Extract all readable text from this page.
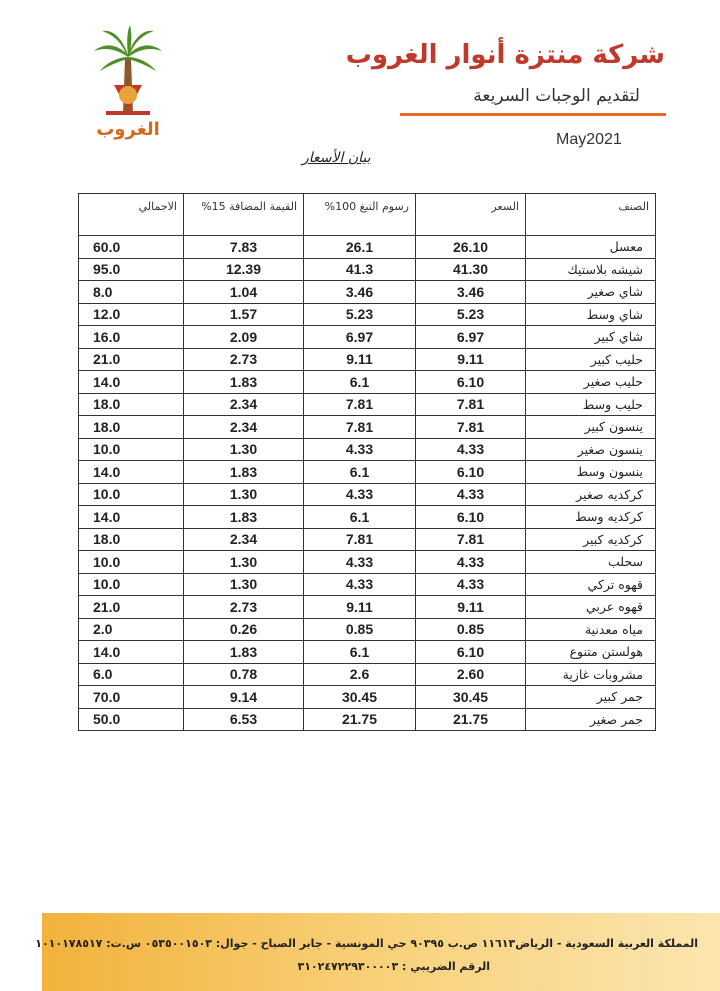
الغروب
شركة منتزة أنوار الغروب
لتقديم الوجبات السريعة
May2021
بيان الأسعار
الصنف	السعر	رسوم التبغ 100%	القيمة المضافة 15%	الاجمالي
معسل	26.10	26.1	7.83	60.0
شيشه بلاستيك	41.30	41.3	12.39	95.0
شاي صغير	3.46	3.46	1.04	8.0
شاي وسط	5.23	5.23	1.57	12.0
شاي كبير	6.97	6.97	2.09	16.0
حليب كبير	9.11	9.11	2.73	21.0
حليب صغير	6.10	6.1	1.83	14.0
حليب وسط	7.81	7.81	2.34	18.0
ينسون كبير	7.81	7.81	2.34	18.0
ينسون صغير	4.33	4.33	1.30	10.0
ينسون وسط	6.10	6.1	1.83	14.0
كركديه صغير	4.33	4.33	1.30	10.0
كركديه وسط	6.10	6.1	1.83	14.0
كركديه كبير	7.81	7.81	2.34	18.0
سحلب	4.33	4.33	1.30	10.0
قهوه تركي	4.33	4.33	1.30	10.0
قهوه عربي	9.11	9.11	2.73	21.0
مياه معدنية	0.85	0.85	0.26	2.0
هولستن متنوع	6.10	6.1	1.83	14.0
مشروبات غازية	2.60	2.6	0.78	6.0
جمر كبير	30.45	30.45	9.14	70.0
جمر صغير	21.75	21.75	6.53	50.0
المملكة العربية السعودية - الرياض١١٦١٣ ص.ب ٩٠٣٩٥ حي المونسية - جابر الصباح - جوال: ٠٥٣٥٠٠١٥٠٣ س.ت: ١٠١٠١٧٨٥١٧
الرقم الضريبي : ٣١٠٢٤٧٢٢٩٣٠٠٠٠٣
